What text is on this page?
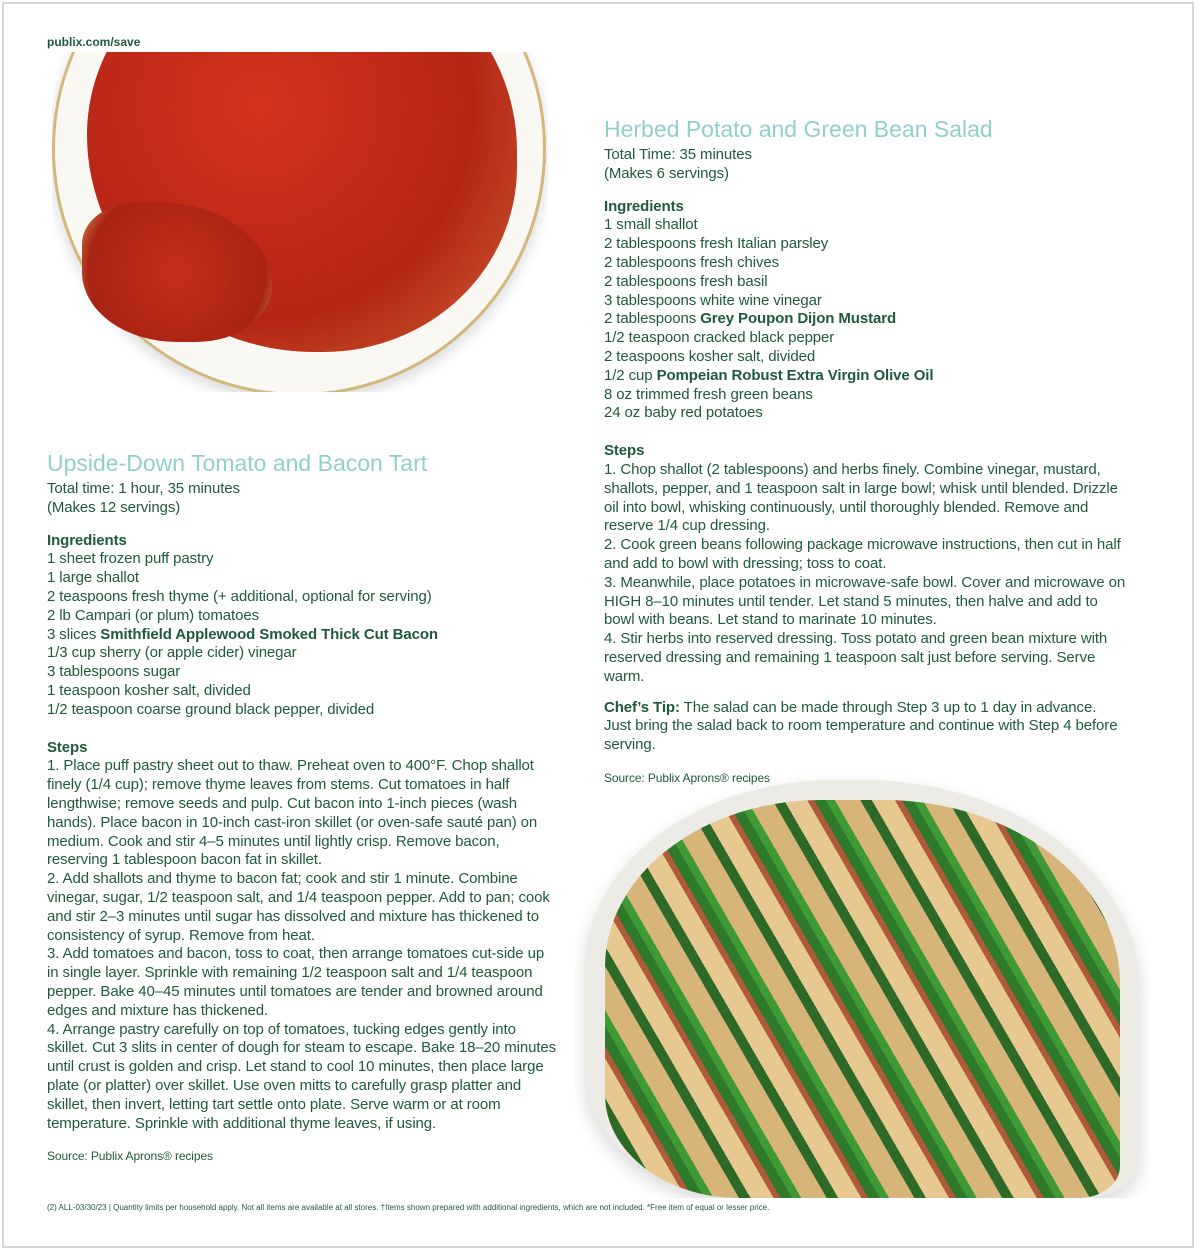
publix.com/save
Upside-Down Tomato and Bacon Tart

Total time: 1 hour, 35 minutes

(Makes 12 servings)

Ingredients
1 sheet frozen puff pastry
1 large shallot
2 teaspoons fresh thyme (+ additional, optional for serving)
2 lb Campari (or plum) tomatoes
3 slices Smithfield Applewood Smoked Thick Cut Bacon
1/3 cup sherry (or apple cider) vinegar
3 tablespoons sugar
1 teaspoon kosher salt, divided
1/2 teaspoon coarse ground black pepper, divided
Steps

1. Place puff pastry sheet out to thaw. Preheat oven to 400°F. Chop shallot finely (1/4 cup); remove thyme leaves from stems. Cut tomatoes in half lengthwise; remove seeds and pulp. Cut bacon into 1-inch pieces (wash hands). Place bacon in 10-inch cast-iron skillet (or oven-safe sauté pan) on medium. Cook and stir 4–5 minutes until lightly crisp. Remove bacon, reserving 1 tablespoon bacon fat in skillet.

2. Add shallots and thyme to bacon fat; cook and stir 1 minute. Combine vinegar, sugar, 1/2 teaspoon salt, and 1/4 teaspoon pepper. Add to pan; cook and stir 2–3 minutes until sugar has dissolved and mixture has thickened to consistency of syrup. Remove from heat.

3. Add tomatoes and bacon, toss to coat, then arrange tomatoes cut-side up in single layer. Sprinkle with remaining 1/2 teaspoon salt and 1/4 teaspoon pepper. Bake 40–45 minutes until tomatoes are tender and browned around edges and mixture has thickened.

4. Arrange pastry carefully on top of tomatoes, tucking edges gently into skillet. Cut 3 slits in center of dough for steam to escape. Bake 18–20 minutes until crust is golden and crisp. Let stand to cool 10 minutes, then place large plate (or platter) over skillet. Use oven mitts to carefully grasp platter and skillet, then invert, letting tart settle onto plate. Serve warm or at room temperature. Sprinkle with additional thyme leaves, if using.

Source: Publix Aprons® recipes

Herbed Potato and Green Bean Salad

Total Time: 35 minutes

(Makes 6 servings)

Ingredients
1 small shallot
2 tablespoons fresh Italian parsley
2 tablespoons fresh chives
2 tablespoons fresh basil
3 tablespoons white wine vinegar
2 tablespoons Grey Poupon Dijon Mustard
1/2 teaspoon cracked black pepper
2 teaspoons kosher salt, divided
1/2 cup Pompeian Robust Extra Virgin Olive Oil
8 oz trimmed fresh green beans
24 oz baby red potatoes
Steps

1. Chop shallot (2 tablespoons) and herbs finely. Combine vinegar, mustard, shallots, pepper, and 1 teaspoon salt in large bowl; whisk until blended. Drizzle oil into bowl, whisking continuously, until thoroughly blended. Remove and reserve 1/4 cup dressing.

2. Cook green beans following package microwave instructions, then cut in half and add to bowl with dressing; toss to coat.

3. Meanwhile, place potatoes in microwave-safe bowl. Cover and microwave on HIGH 8–10 minutes until tender. Let stand 5 minutes, then halve and add to bowl with beans. Let stand to marinate 10 minutes.

4. Stir herbs into reserved dressing. Toss potato and green bean mixture with reserved dressing and remaining 1 teaspoon salt just before serving. Serve warm.

Chef’s Tip: The salad can be made through Step 3 up to 1 day in advance. Just bring the salad back to room temperature and continue with Step 4 before serving.

Source: Publix Aprons® recipes

(2) ALL-03/30/23 | Quantity limits per household apply. Not all items are available at all stores. †Items shown prepared with additional ingredients, which are not included. *Free item of equal or lesser price.
